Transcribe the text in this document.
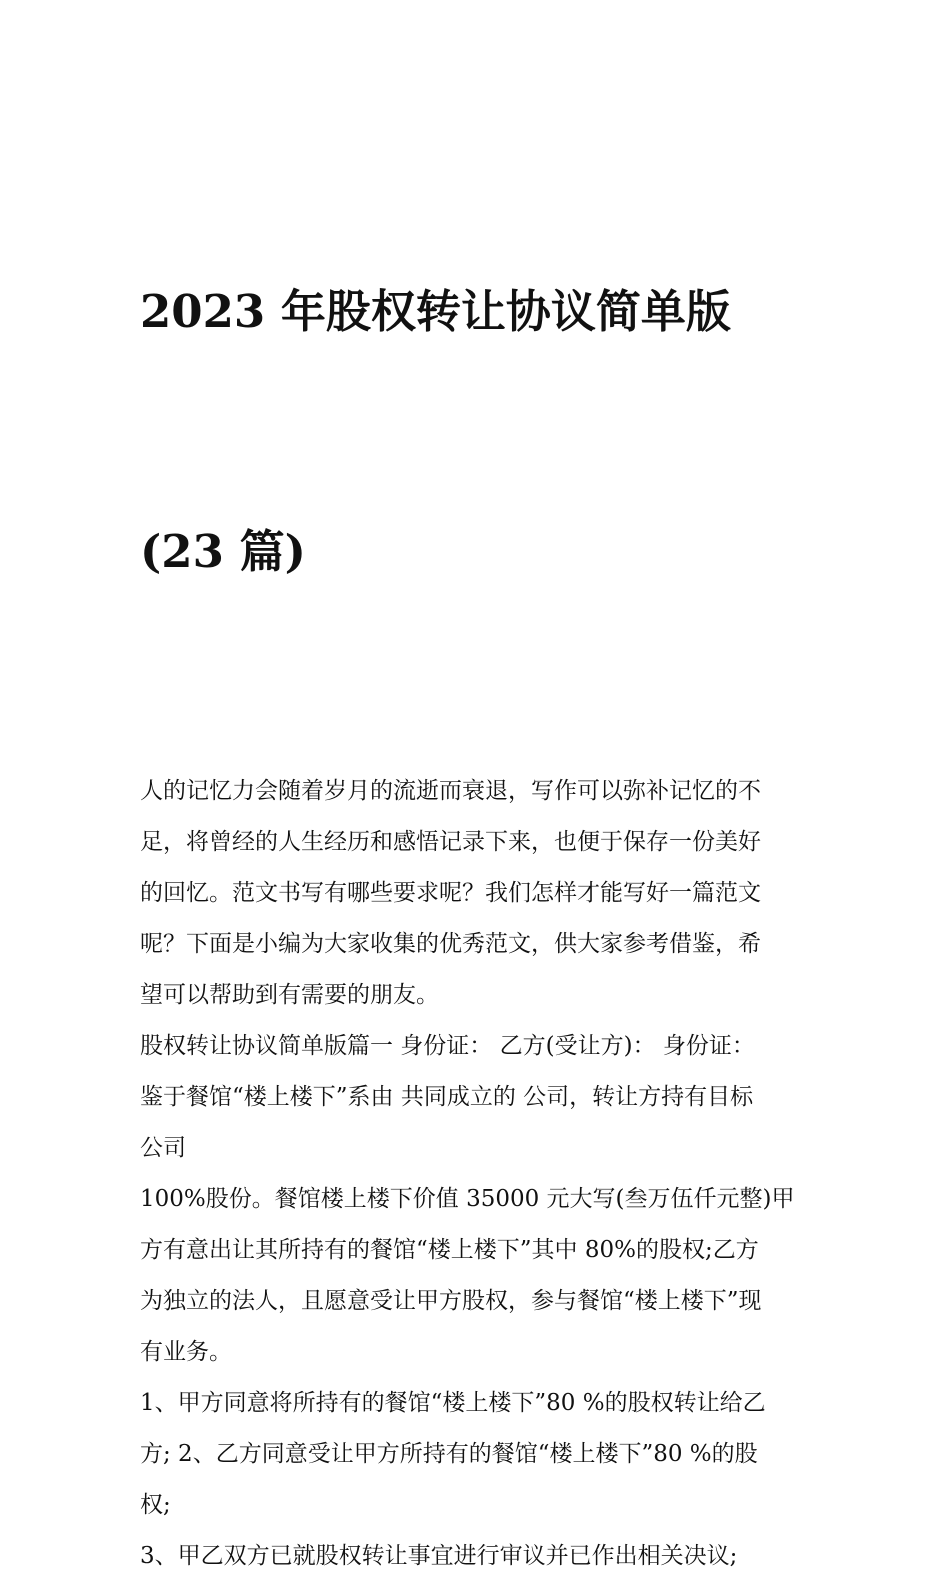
2023 年股权转让协议简单版

(23 篇)

人的记忆力会随着岁月的流逝而衰退，写作可以弥补记忆的不
足，将曾经的人生经历和感悟记录下来，也便于保存一份美好
的回忆。范文书写有哪些要求呢？我们怎样才能写好一篇范文
呢？下面是小编为大家收集的优秀范文，供大家参考借鉴，希
望可以帮助到有需要的朋友。

股权转让协议简单版篇一 身份证： 乙方(受让方)： 身份证：
鉴于餐馆“楼上楼下”系由 共同成立的 公司，转让方持有目标
公司

100%股份。餐馆楼上楼下价值 35000 元大写(叁万伍仟元整)甲
方有意出让其所持有的餐馆“楼上楼下”其中 80%的股权;乙方
为独立的法人，且愿意受让甲方股权，参与餐馆“楼上楼下”现
有业务。

1、甲方同意将所持有的餐馆“楼上楼下”80 %的股权转让给乙
方; 2、乙方同意受让甲方所持有的餐馆“楼上楼下”80 %的股
权;

3、甲乙双方已就股权转让事宜进行审议并已作出相关决议;
